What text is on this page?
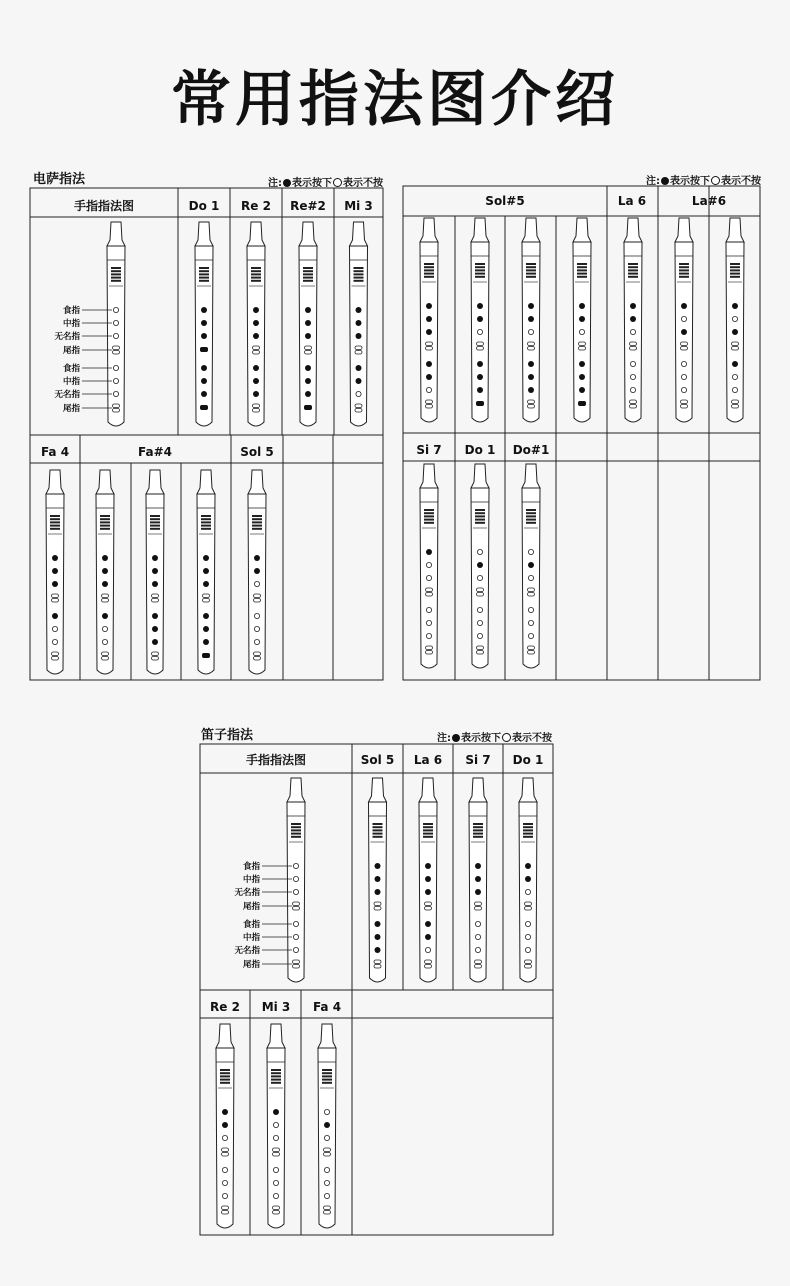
常用指法图介绍
电萨指法	注: 表示按下 表示不按	注: 表示按下 表示不按
笛子指法	注: 表示按下 表示不按
手指指法图	Do 1 Re 2 Re#2 Mi 3
食指
中指
无名指
尾指
食指
中指
无名指
尾指
Fa 4	Fa#4	Sol 5
Sol#5	La 6	La#6
Si 7 Do 1 Do#1
手指指法图	Sol 5 La 6 Si 7 Do 1
食指
中指
无名指
尾指
食指
中指
无名指
尾指
Re 2 Mi 3 Fa 4
